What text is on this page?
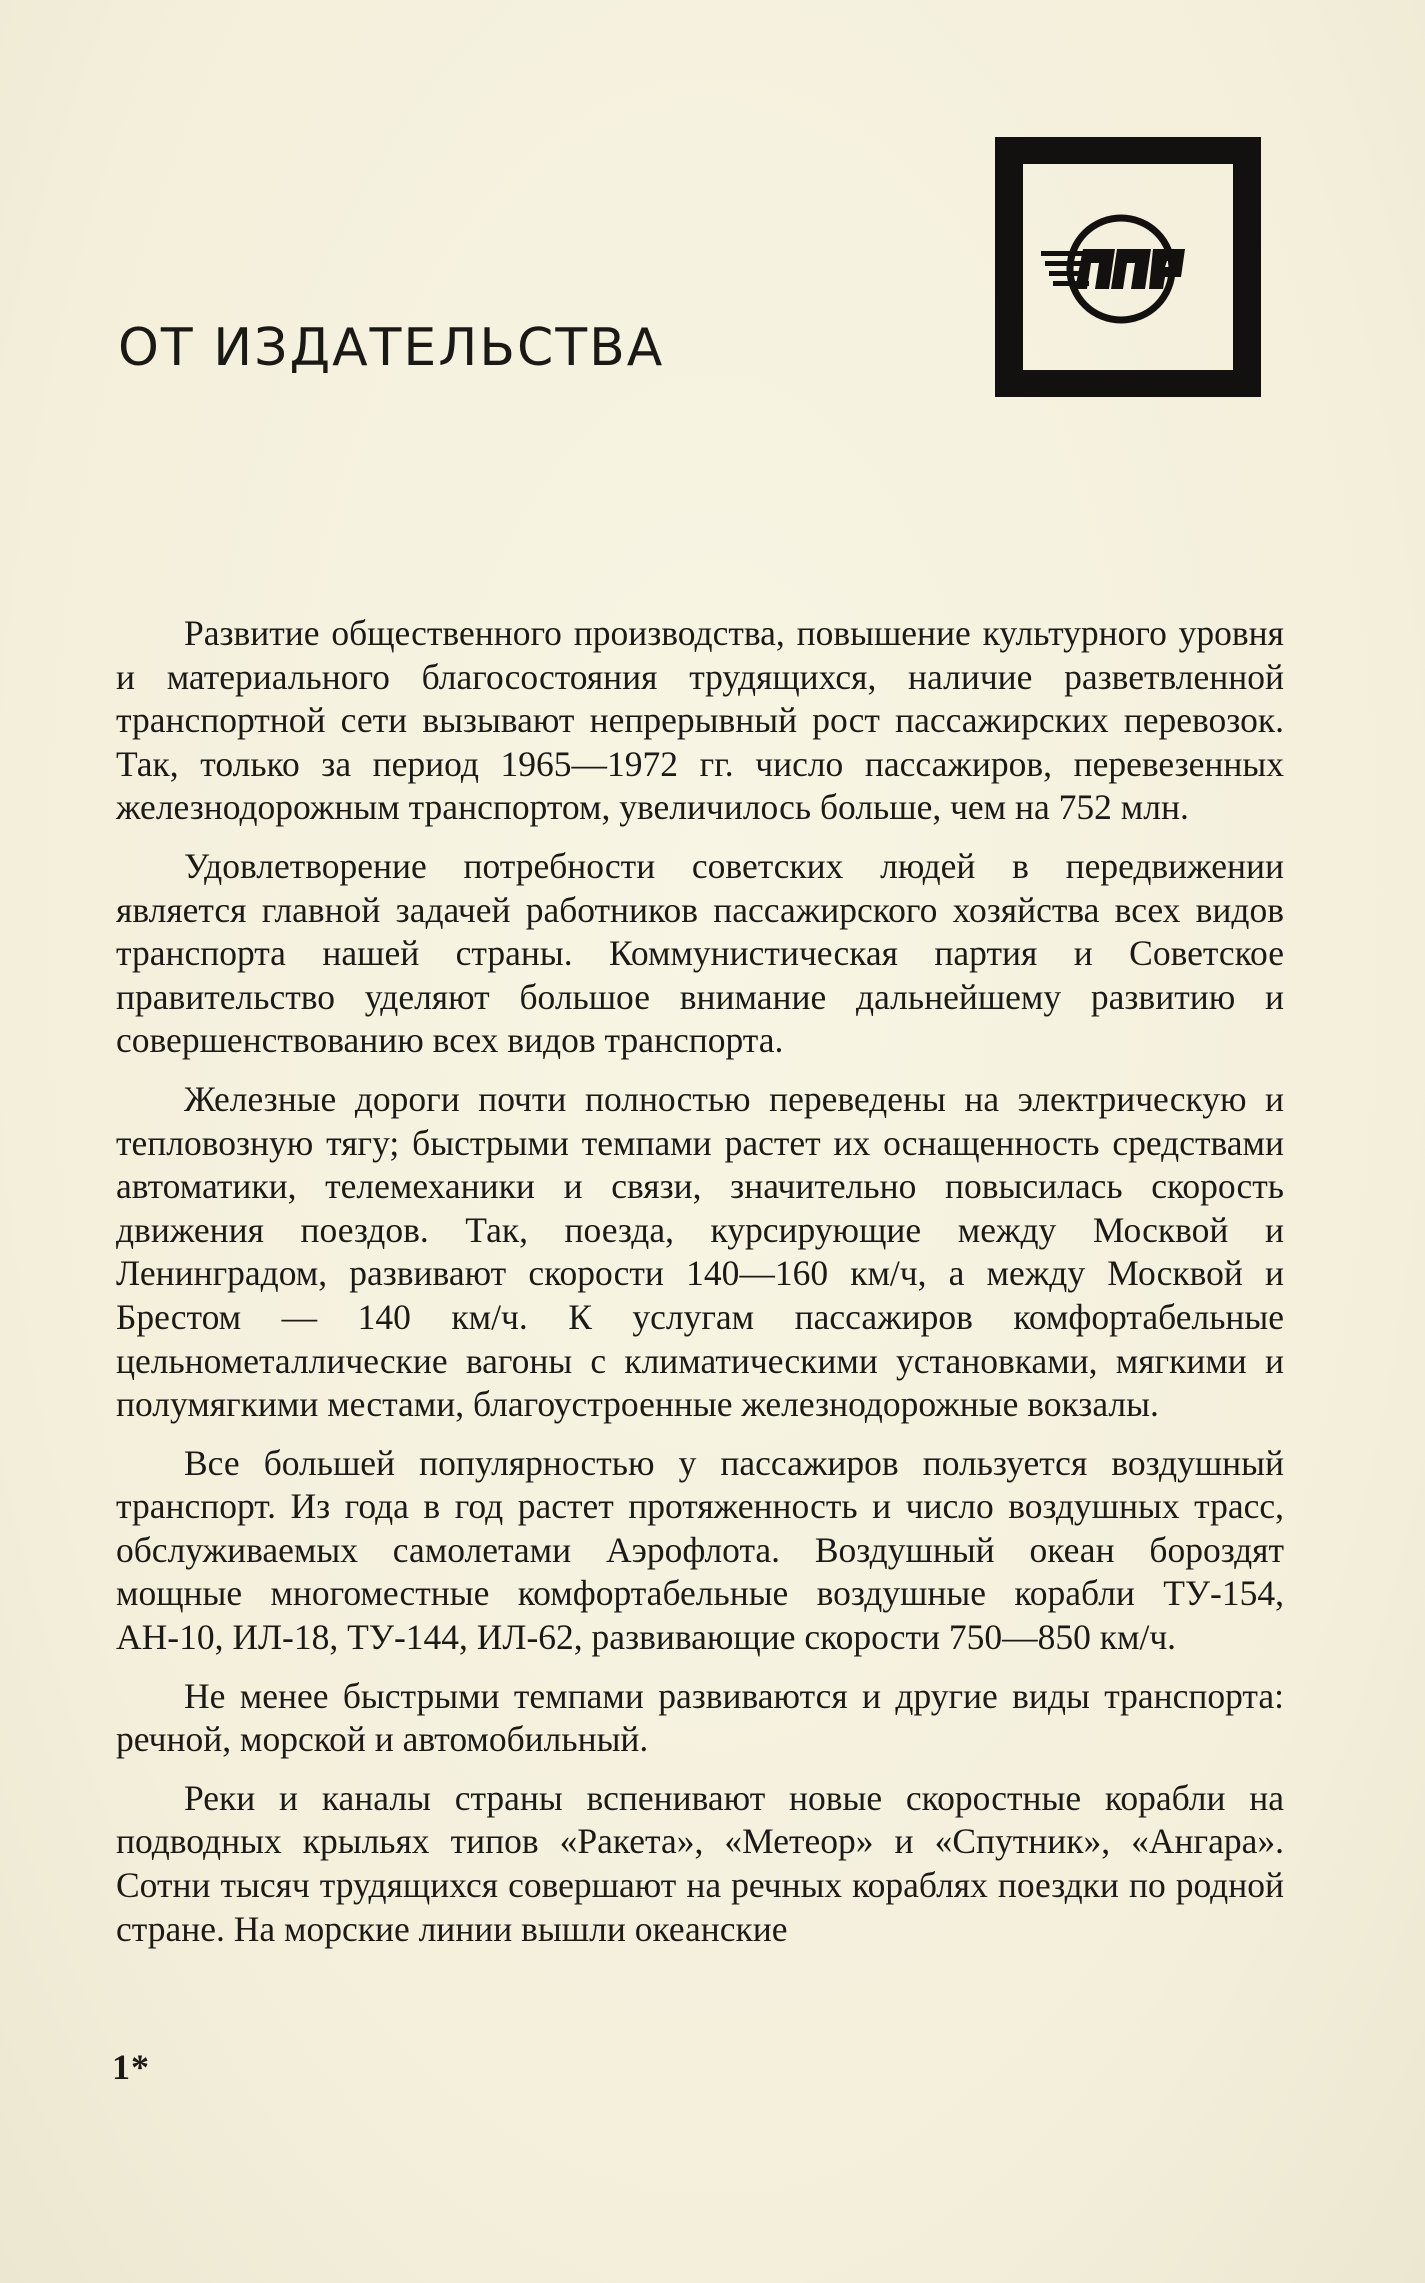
ОТ ИЗДАТЕЛЬСТВА

Развитие общественного производства, повышение культурного уровня и материального благосостояния трудящихся, наличие разветвленной транспортной сети вызывают непрерывный рост пассажирских перевозок. Так, только за период 1965—1972 гг. число пассажиров, перевезенных железнодорожным транспортом, увеличилось больше, чем на 752 млн.

Удовлетворение потребности советских людей в передвижении является главной задачей работников пассажирского хозяйства всех видов транспорта нашей страны. Коммунистическая партия и Советское правительство уделяют большое внимание дальнейшему развитию и совершенствованию всех видов транспорта.

Железные дороги почти полностью переведены на электрическую и тепловозную тягу; быстрыми темпами растет их оснащенность средствами автоматики, телемеханики и связи, значительно повысилась скорость движения поездов. Так, поезда, курсирующие между Москвой и Ленинградом, развивают скорости 140—160 км/ч, а между Москвой и Брестом — 140 км/ч. К услугам пассажиров комфортабельные цельнометаллические вагоны с климатическими установками, мягкими и полумягкими местами, благоустроенные железнодорожные вокзалы.

Все большей популярностью у пассажиров пользуется воздушный транспорт. Из года в год растет протяженность и число воздушных трасс, обслуживаемых самолетами Аэрофлота. Воздушный океан бороздят мощные многоместные комфортабельные воздушные корабли ТУ-154, АН-10, ИЛ-18, ТУ-144, ИЛ-62, развивающие скорости 750—850 км/ч.

Не менее быстрыми темпами развиваются и другие виды транспорта: речной, морской и автомобильный.

Реки и каналы страны вспенивают новые скоростные корабли на подводных крыльях типов «Ракета», «Метеор» и «Спутник», «Ангара». Сотни тысяч трудящихся совершают на речных кораблях поездки по родной стране. На морские линии вышли океанские

1*
